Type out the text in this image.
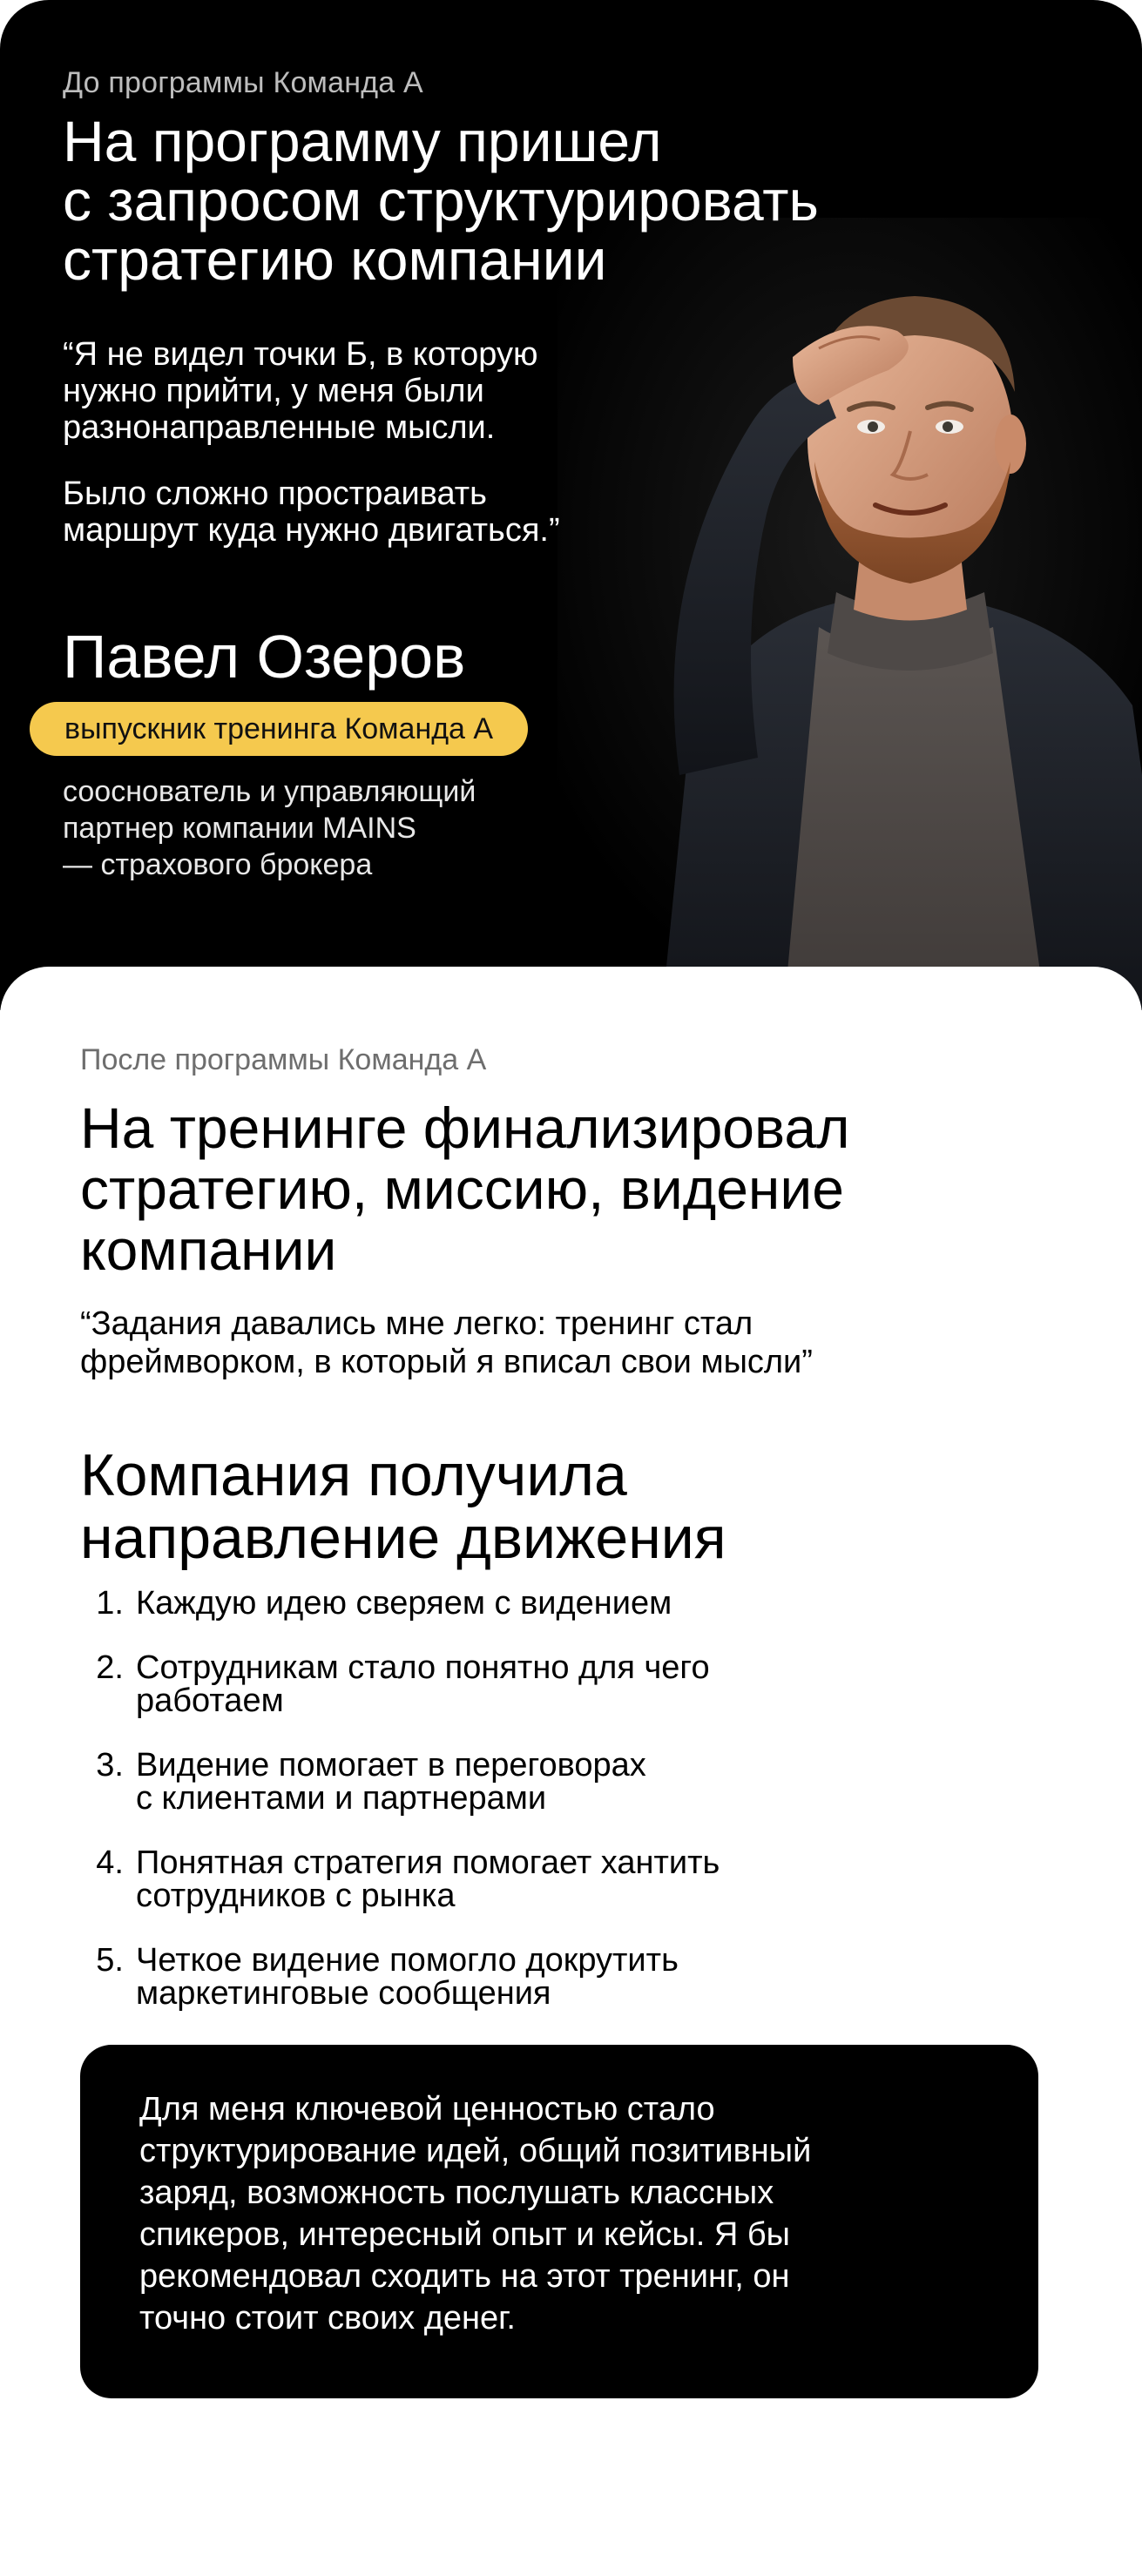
До программы Команда А

На программу пришел
с запросом структурировать
стратегию компании

“Я не видел точки Б, в которую
нужно прийти, у меня были
разнонаправленные мысли.

Было сложно простраивать
маршрут куда нужно двигаться.”

Павел Озеров
выпускник тренинга Команда А

сооснователь и управляющий
партнер компании MAINS
— страхового брокера

После программы Команда А

На тренинге финализировал
стратегию, миссию, видение
компании

“Задания давались мне легко: тренинг стал
фреймворком, в который я вписал свои мысли”

Компания получила
направление движения
1. Каждую идею сверяем с видением
2. Сотрудникам стало понятно для чего
работаем
3. Видение помогает в переговорах
с клиентами и партнерами
4. Понятная стратегия помогает хантить
сотрудников с рынка
5. Четкое видение помогло докрутить
маркетинговые сообщения

Для меня ключевой ценностью стало
структурирование идей, общий позитивный
заряд, возможность послушать классных
спикеров, интересный опыт и кейсы. Я бы
рекомендовал сходить на этот тренинг, он
точно стоит своих денег.
